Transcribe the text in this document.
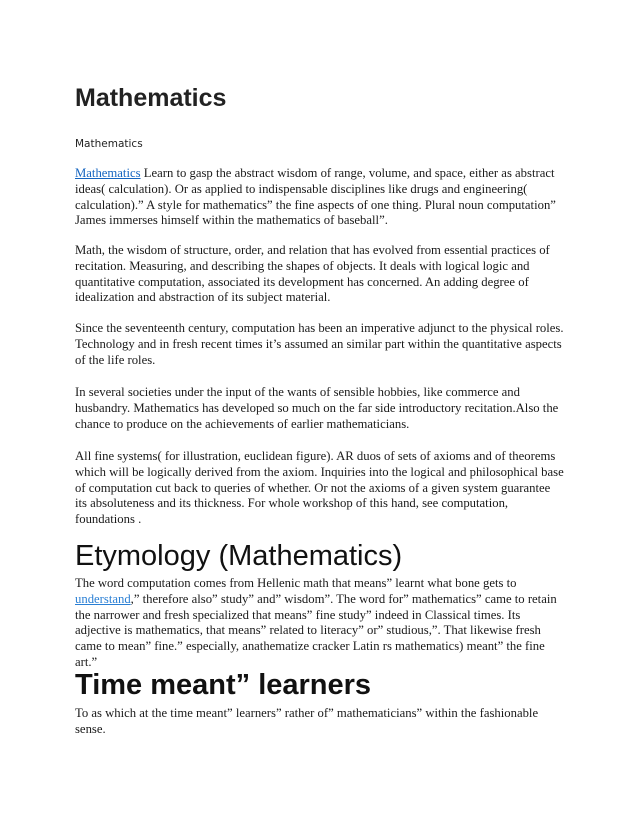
Mathematics

Mathematics

Mathematics Learn to gasp the abstract wisdom of range, volume, and space, either as abstract ideas( calculation). Or as applied to indispensable disciplines like drugs and engineering( calculation).” A style for mathematics” the fine aspects of one thing. Plural noun computation” James immerses himself within the mathematics of baseball”.

Math, the wisdom of structure, order, and relation that has evolved from essential practices of recitation. Measuring, and describing the shapes of objects. It deals with logical logic and quantitative computation, associated its development has concerned. An adding degree of idealization and abstraction of its subject material.

Since the seventeenth century, computation has been an imperative adjunct to the physical roles. Technology and in fresh recent times it’s assumed an similar part within the quantitative aspects of the life roles.

In several societies under the input of the wants of sensible hobbies, like commerce and husbandry. Mathematics has developed so much on the far side introductory recitation.Also the chance to produce on the achievements of earlier mathematicians.

All fine systems( for illustration, euclidean figure). AR duos of sets of axioms and of theorems which will be logically derived from the axiom. Inquiries into the logical and philosophical base of computation cut back to queries of whether. Or not the axioms of a given system guarantee its absoluteness and its thickness. For whole workshop of this hand, see computation, foundations .

Etymology (Mathematics)

The word computation comes from Hellenic math that means” learnt what bone gets to understand,” therefore also” study” and” wisdom”. The word for” mathematics” came to retain the narrower and fresh specialized that means” fine study” indeed in Classical times. Its adjective is mathematics, that means” related to literacy” or” studious,”. That likewise fresh came to mean” fine.” especially, anathematize cracker Latin rs mathematics) meant” the fine art.”

Time meant” learners

To as which at the time meant” learners” rather of” mathematicians” within the fashionable sense.
